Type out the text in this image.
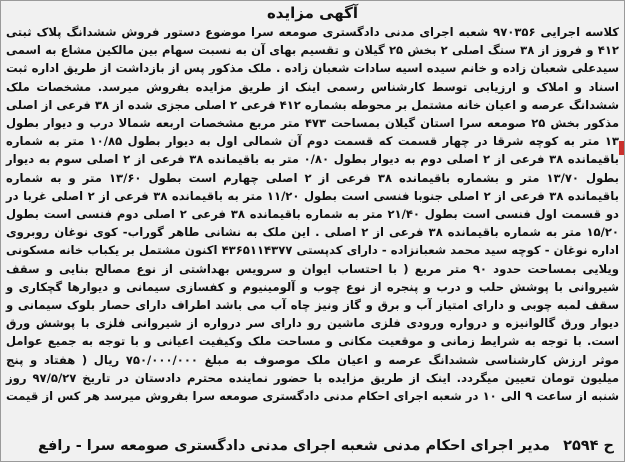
آگهی مزایده
کلاسه اجرایی ۹۷۰۳۵۶ شعبه اجرای مدنی دادگستری صومعه سرا موضوع دستور فروش ششدانگ پلاک ثبتی ۴۱۲ و فروز از ۳۸ سنگ اصلی ۲ بخش ۲۵ گیلان و تقسیم بهای آن به نسبت سهام بین مالکین مشاع به اسمی سیدعلی شعبان زاده و خانم سیده اسیه سادات شعبان زاده . ملک مذکور پس از بازداشت از طریق اداره ثبت اسناد و املاک و ارزیابی توسط کارشناس رسمی اینک از طریق مزایده بفروش میرسد. مشخصات ملک ششدانگ عرصه و اعیان خانه مشتمل بر محوطه بشماره ۴۱۲ فرعی ۲ اصلی مجزی شده از ۳۸ فرعی از اصلی مذکور بخش ۲۵ صومعه سرا استان گیلان بمساحت ۴۷۳ متر مربع مشخصات اربعه شمالا درب و دیوار بطول ۱۳ متر به کوچه شرقا در چهار قسمت که قسمت دوم آن شمالی اول به دیوار بطول ۱۰/۸۵ متر به شماره باقیمانده ۳۸ فرعی از ۲ اصلی دوم به دیوار بطول ۰/۸۰ متر به باقیمانده ۳۸ فرعی از ۲ اصلی سوم به دیوار بطول ۱۳/۷۰ متر و بشماره باقیمانده ۳۸ فرعی از ۲ اصلی چهارم است بطول ۱۳/۶۰ متر و به شماره باقیمانده ۳۸ فرعی از ۲ اصلی جنوبا فنسی است بطول ۱۱/۲۰ متر به باقیمانده ۳۸ فرعی از ۲ اصلی غربا در دو قسمت اول فنسی است بطول ۲۱/۴۰ متر به شماره باقیمانده ۳۸ فرعی ۲ اصلی دوم فنسی است بطول ۱۵/۲۰ متر به شماره باقیمانده ۳۸ فرعی از ۲ اصلی . این ملک به نشانی طاهر گوراب- کوی نوغان روبروی اداره نوغان - کوچه سید محمد شعبانزاده - دارای کدپستی ۴۳۶۵۱۱۴۳۷۷ اکنون مشتمل بر یکباب خانه مسکونی ویلایی بمساحت حدود ۹۰ متر مربع ( با احتساب ایوان و سرویس بهداشتی از نوع مصالح بنایی و سقف شیروانی با پوشش حلب و درب و پنجره از نوع چوب و آلومینیوم و کفسازی سیمانی و دیوارها گچکاری و سقف لمبه چوبی و دارای امتیاز آب و برق و گاز ونیز چاه آب می باشد اطراف دارای حصار بلوک سیمانی و دیوار ورق گالوانیزه و درواره ورودی فلزی ماشین رو دارای سر درواره از شیروانی فلزی با پوشش ورق است. با توجه به شرایط زمانی و موقعیت مکانی و مساحت ملک وکیفیت اعیانی و با توجه به جمیع عوامل موثر ارزش کارشناسی ششدانگ عرصه و اعیان ملک موصوف به مبلغ ۷۵۰/۰۰۰/۰۰۰ ریال ( هفتاد و پنج میلیون تومان تعیین میگردد. اینک از طریق مزایده با حضور نماینده محترم دادستان در تاریخ ۹۷/۵/۲۷ روز شنبه از ساعت ۹ الی ۱۰ در شعبه اجرای احکام مدنی دادگستری صومعه سرا بفروش میرسد هر کس از قیمت
ح ۲۵۹۴ مدیر اجرای احکام مدنی شعبه اجرای مدنی دادگستری صومعه سرا - رافع
